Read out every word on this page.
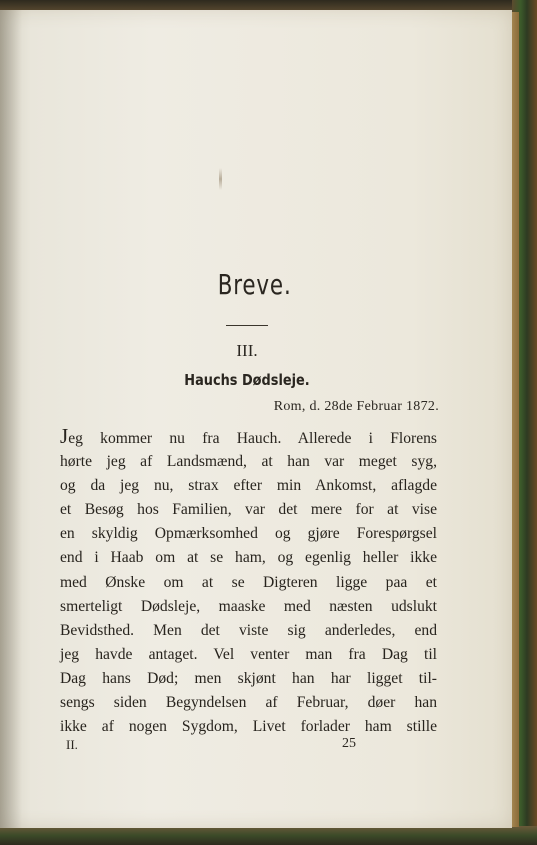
Breve.
III.
Hauchs Dødsleje.
Rom, d. 28de Februar 1872.
Jeg kommer nu fra Hauch. Allerede i Florens
hørte jeg af Landsmænd, at han var meget syg,
og da jeg nu, strax efter min Ankomst, aflagde
et Besøg hos Familien, var det mere for at vise
en skyldig Opmærksomhed og gjøre Forespørgsel
end i Haab om at se ham, og egenlig heller ikke
med Ønske om at se Digteren ligge paa et
smerteligt Dødsleje, maaske med næsten udslukt
Bevidsthed. Men det viste sig anderledes, end
jeg havde antaget. Vel venter man fra Dag til
Dag hans Død; men skjønt han har ligget til-
sengs siden Begyndelsen af Februar, døer han
ikke af nogen Sygdom, Livet forlader ham stille
II.	25
